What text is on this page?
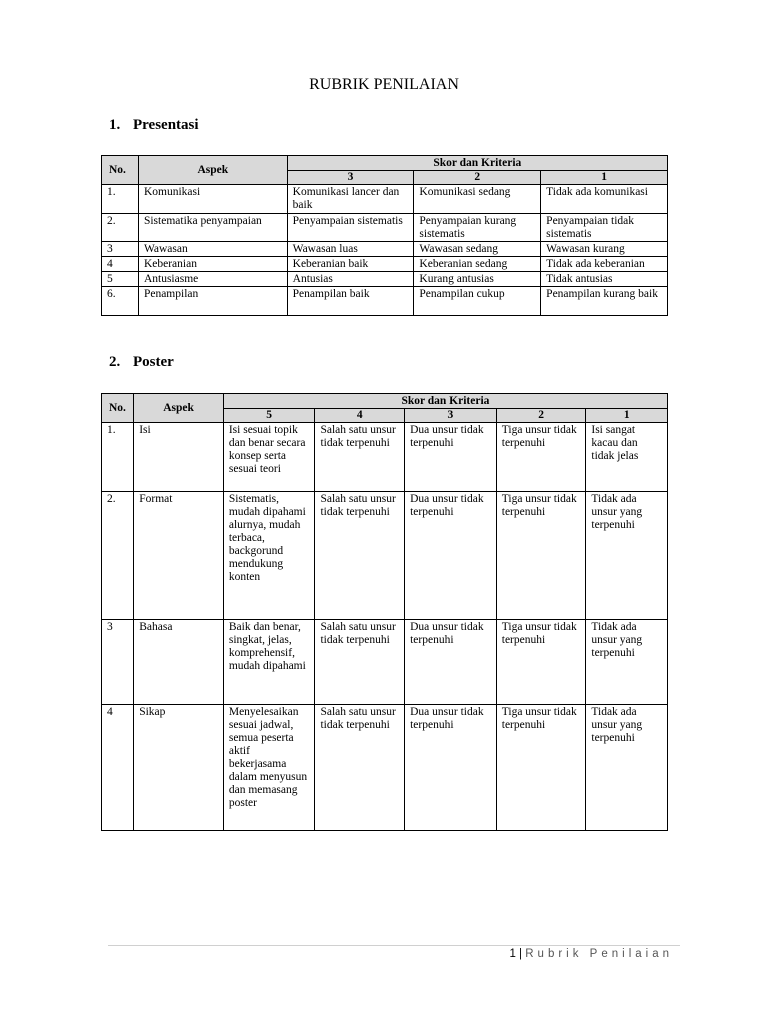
RUBRIK PENILAIAN
1. Presentasi
No.	Aspek	Skor dan Kriteria		
		3	2	1
1.	Komunikasi	Komunikasi lancer dan baik	Komunikasi sedang	Tidak ada komunikasi
2.	Sistematika penyampaian	Penyampaian sistematis	Penyampaian kurang sistematis	Penyampaian tidak sistematis
3	Wawasan	Wawasan luas	Wawasan sedang	Wawasan kurang
4	Keberanian	Keberanian baik	Keberanian sedang	Tidak ada keberanian
5	Antusiasme	Antusias	Kurang antusias	Tidak antusias
6.	Penampilan	Penampilan baik	Penampilan cukup	Penampilan kurang baik
2. Poster
No.	Aspek	Skor dan Kriteria				
		5	4	3	2	1
1.	Isi	Isi sesuai topik dan benar secara konsep serta sesuai teori	Salah satu unsur tidak terpenuhi	Dua unsur tidak terpenuhi	Tiga unsur tidak terpenuhi	Isi sangat kacau dan tidak jelas
2.	Format	Sistematis, mudah dipahami alurnya, mudah terbaca, backgorund mendukung konten	Salah satu unsur tidak terpenuhi	Dua unsur tidak terpenuhi	Tiga unsur tidak terpenuhi	Tidak ada unsur yang terpenuhi
3	Bahasa	Baik dan benar, singkat, jelas, komprehensif, mudah dipahami	Salah satu unsur tidak terpenuhi	Dua unsur tidak terpenuhi	Tiga unsur tidak terpenuhi	Tidak ada unsur yang terpenuhi
4	Sikap	Menyelesaikan sesuai jadwal, semua peserta aktif bekerjasama dalam menyusun dan memasang poster	Salah satu unsur tidak terpenuhi	Dua unsur tidak terpenuhi	Tiga unsur tidak terpenuhi	Tidak ada unsur yang terpenuhi
1 | Rubrik Penilaian
